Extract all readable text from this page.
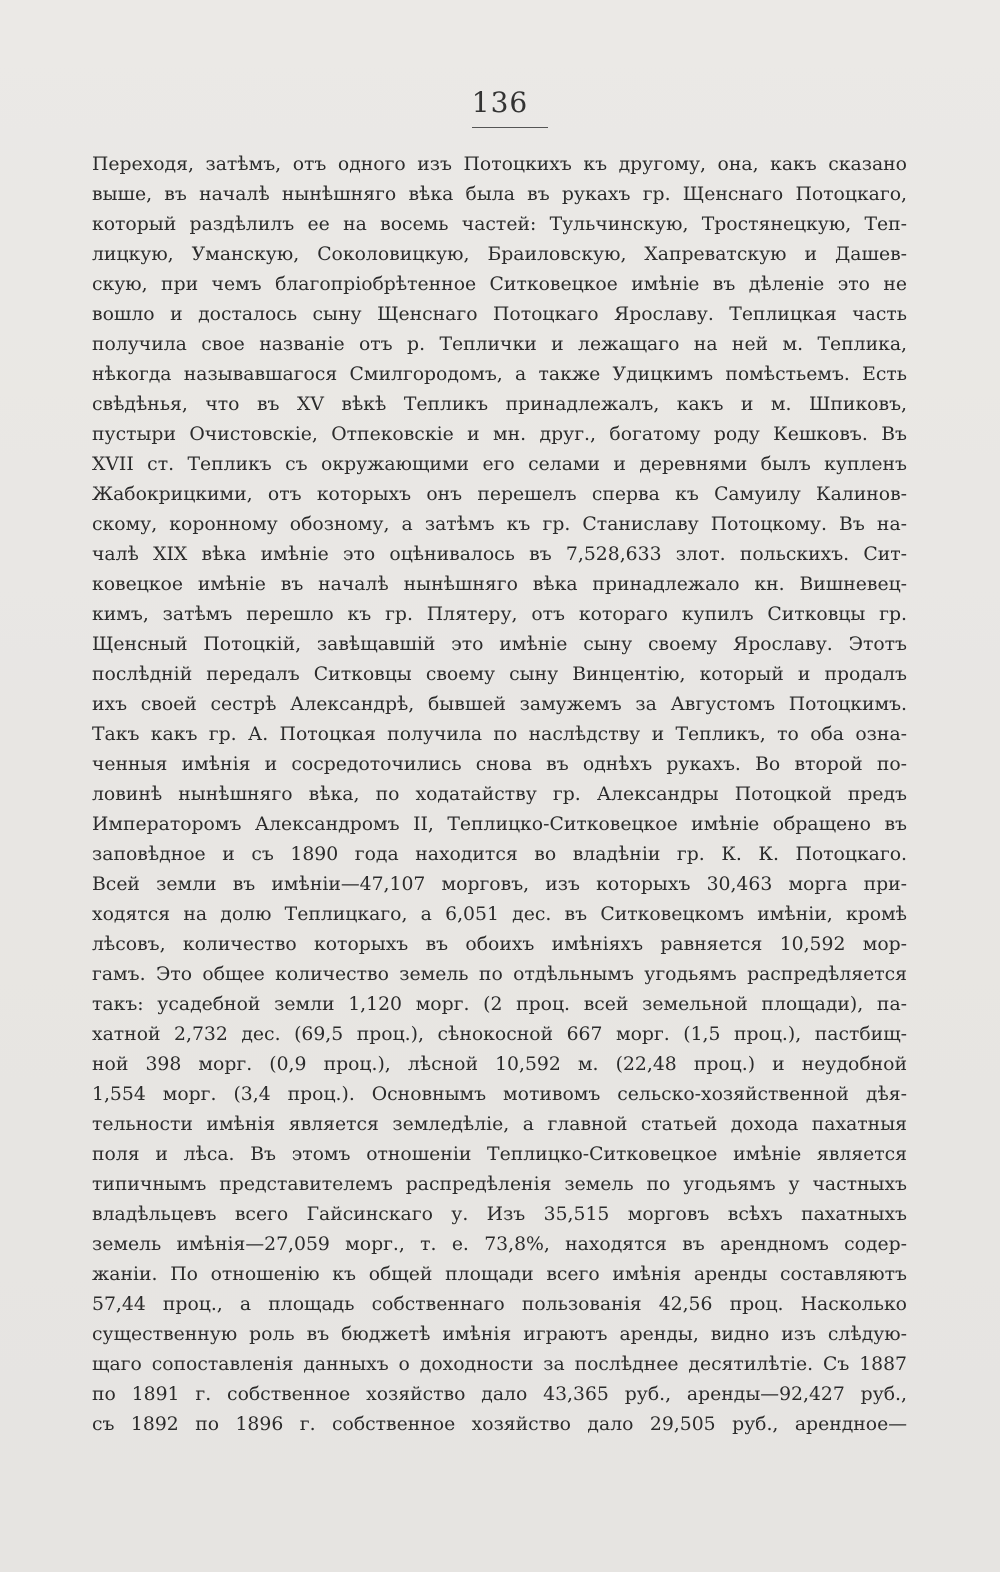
136
Переходя, затѣмъ, отъ одного изъ Потоцкихъ къ другому, она, какъ сказано
выше, въ началѣ нынѣшняго вѣка была въ рукахъ гр. Щенснаго Потоцкаго,
который раздѣлилъ ее на восемь частей: Тульчинскую, Тростянецкую, Теп-
лицкую, Уманскую, Соколовицкую, Браиловскую, Хапреватскую и Дашев-
скую, при чемъ благопріобрѣтенное Ситковецкое имѣніе въ дѣленіе это не
вошло и досталось сыну Щенснаго Потоцкаго Ярославу. Теплицкая часть
получила свое названіе отъ р. Теплички и лежащаго на ней м. Теплика,
нѣкогда называвшагося Смилгородомъ, а также Удицкимъ помѣстьемъ. Есть
свѣдѣнья, что въ XV вѣкѣ Тепликъ принадлежалъ, какъ и м. Шпиковъ,
пустыри Очистовскіе, Отпековскіе и мн. друг., богатому роду Кешковъ. Въ
XVII ст. Тепликъ съ окружающими его селами и деревнями былъ купленъ
Жабокрицкими, отъ которыхъ онъ перешелъ сперва къ Самуилу Калинов-
скому, коронному обозному, а затѣмъ къ гр. Станиславу Потоцкому. Въ на-
чалѣ XIX вѣка имѣніе это оцѣнивалось въ 7,528,633 злот. польскихъ. Сит-
ковецкое имѣніе въ началѣ нынѣшняго вѣка принадлежало кн. Вишневец-
кимъ, затѣмъ перешло къ гр. Плятеру, отъ котораго купилъ Ситковцы гр.
Щенсный Потоцкій, завѣщавшій это имѣніе сыну своему Ярославу. Этотъ
послѣдній передалъ Ситковцы своему сыну Винцентію, который и продалъ
ихъ своей сестрѣ Александрѣ, бывшей замужемъ за Августомъ Потоцкимъ.
Такъ какъ гр. А. Потоцкая получила по наслѣдству и Тепликъ, то оба озна-
ченныя имѣнія и сосредоточились снова въ однѣхъ рукахъ. Во второй по-
ловинѣ нынѣшняго вѣка, по ходатайству гр. Александры Потоцкой предъ
Императоромъ Александромъ II, Теплицко-Ситковецкое имѣніе обращено въ
заповѣдное и съ 1890 года находится во владѣніи гр. К. К. Потоцкаго.
Всей земли въ имѣніи—47,107 морговъ, изъ которыхъ 30,463 морга при-
ходятся на долю Теплицкаго, а 6,051 дес. въ Ситковецкомъ имѣніи, кромѣ
лѣсовъ, количество которыхъ въ обоихъ имѣніяхъ равняется 10,592 мор-
гамъ. Это общее количество земель по отдѣльнымъ угодьямъ распредѣляется
такъ: усадебной земли 1,120 морг. (2 проц. всей земельной площади), па-
хатной 2,732 дес. (69,5 проц.), сѣнокосной 667 морг. (1,5 проц.), пастбищ-
ной 398 морг. (0,9 проц.), лѣсной 10,592 м. (22,48 проц.) и неудобной
1,554 морг. (3,4 проц.). Основнымъ мотивомъ сельско-хозяйственной дѣя-
тельности имѣнія является земледѣліе, а главной статьей дохода пахатныя
поля и лѣса. Въ этомъ отношеніи Теплицко-Ситковецкое имѣніе является
типичнымъ представителемъ распредѣленія земель по угодьямъ у частныхъ
владѣльцевъ всего Гайсинскаго у. Изъ 35,515 морговъ всѣхъ пахатныхъ
земель имѣнія—27,059 морг., т. е. 73,8%, находятся въ арендномъ содер-
жаніи. По отношенію къ общей площади всего имѣнія аренды составляютъ
57,44 проц., а площадь собственнаго пользованія 42,56 проц. Насколько
существенную роль въ бюджетѣ имѣнія играютъ аренды, видно изъ слѣдую-
щаго сопоставленія данныхъ о доходности за послѣднее десятилѣтіе. Съ 1887
по 1891 г. собственное хозяйство дало 43,365 руб., аренды—92,427 руб.,
съ 1892 по 1896 г. собственное хозяйство дало 29,505 руб., арендное—
